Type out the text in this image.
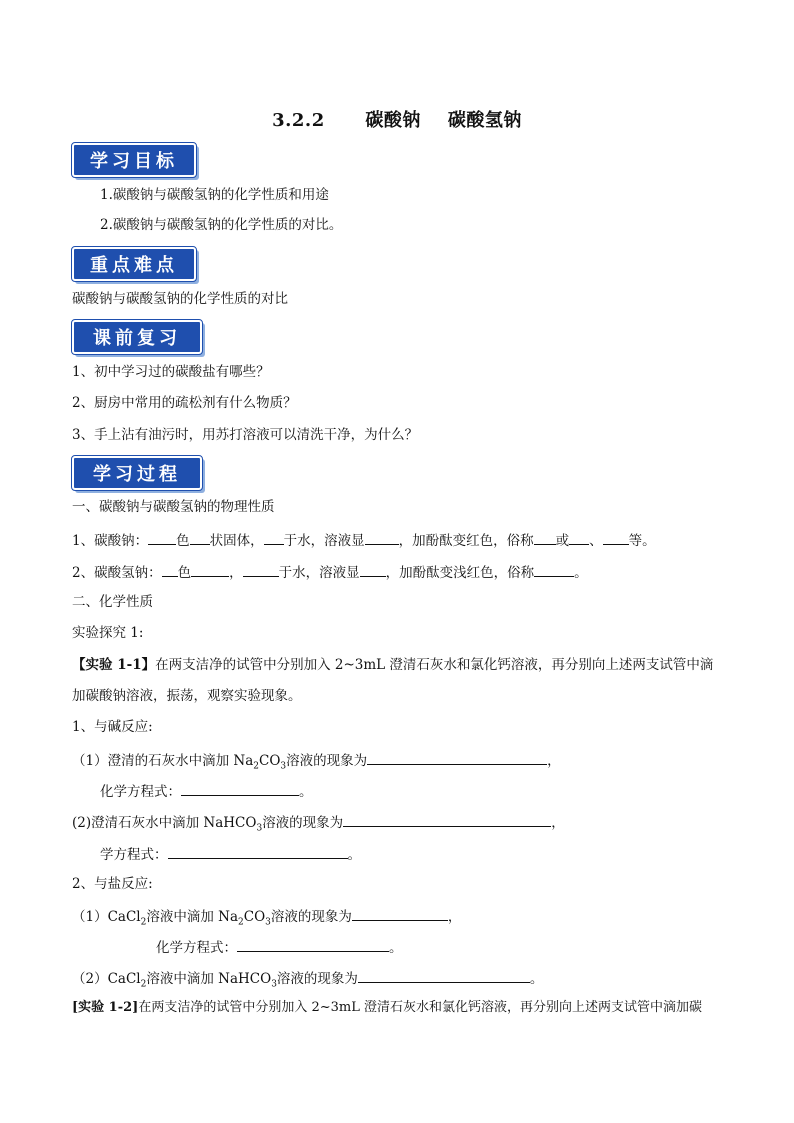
3.2.2      碳酸钠    碳酸氢钠
学习目标
1.碳酸钠与碳酸氢钠的化学性质和用途
2.碳酸钠与碳酸氢钠的化学性质的对比。
重点难点
碳酸钠与碳酸氢钠的化学性质的对比
课前复习
1、初中学习过的碳酸盐有哪些？
2、厨房中常用的疏松剂有什么物质？
3、手上沾有油污时，用苏打溶液可以清洗干净，为什么？
学习过程
一、碳酸钠与碳酸氢钠的物理性质
1、碳酸钠： 色 状固体， 于水，溶液显	，加酚酞变红色，俗称 或 、 等。
2、碳酸氢钠： 色	，	于水，溶液显 ，加酚酞变浅红色，俗称	。
二、化学性质
实验探究 1:
【实验 1-1】在两支洁净的试管中分别加入 2~3mL 澄清石灰水和氯化钙溶液，再分别向上述两支试管中滴
加碳酸钠溶液，振荡，观察实验现象。
1、与碱反应:
（1）澄清的石灰水中滴加 $Na_2CO_3$溶液的现象为	，
化学方程式：	。
(2)澄清石灰水中滴加 NaHCO$_3$溶液的现象为	，
学方程式：	。
2、与盐反应:
（1）CaCl$_2$溶液中滴加 $Na_2CO_3$溶液的现象为	，
化学方程式：	。
（2）CaCl$_2$溶液中滴加 NaHCO$_3$溶液的现象为	。
[实验 1-2]在两支洁净的试管中分别加入 2~3mL 澄清石灰水和氯化钙溶液，再分别向上述两支试管中滴加碳
